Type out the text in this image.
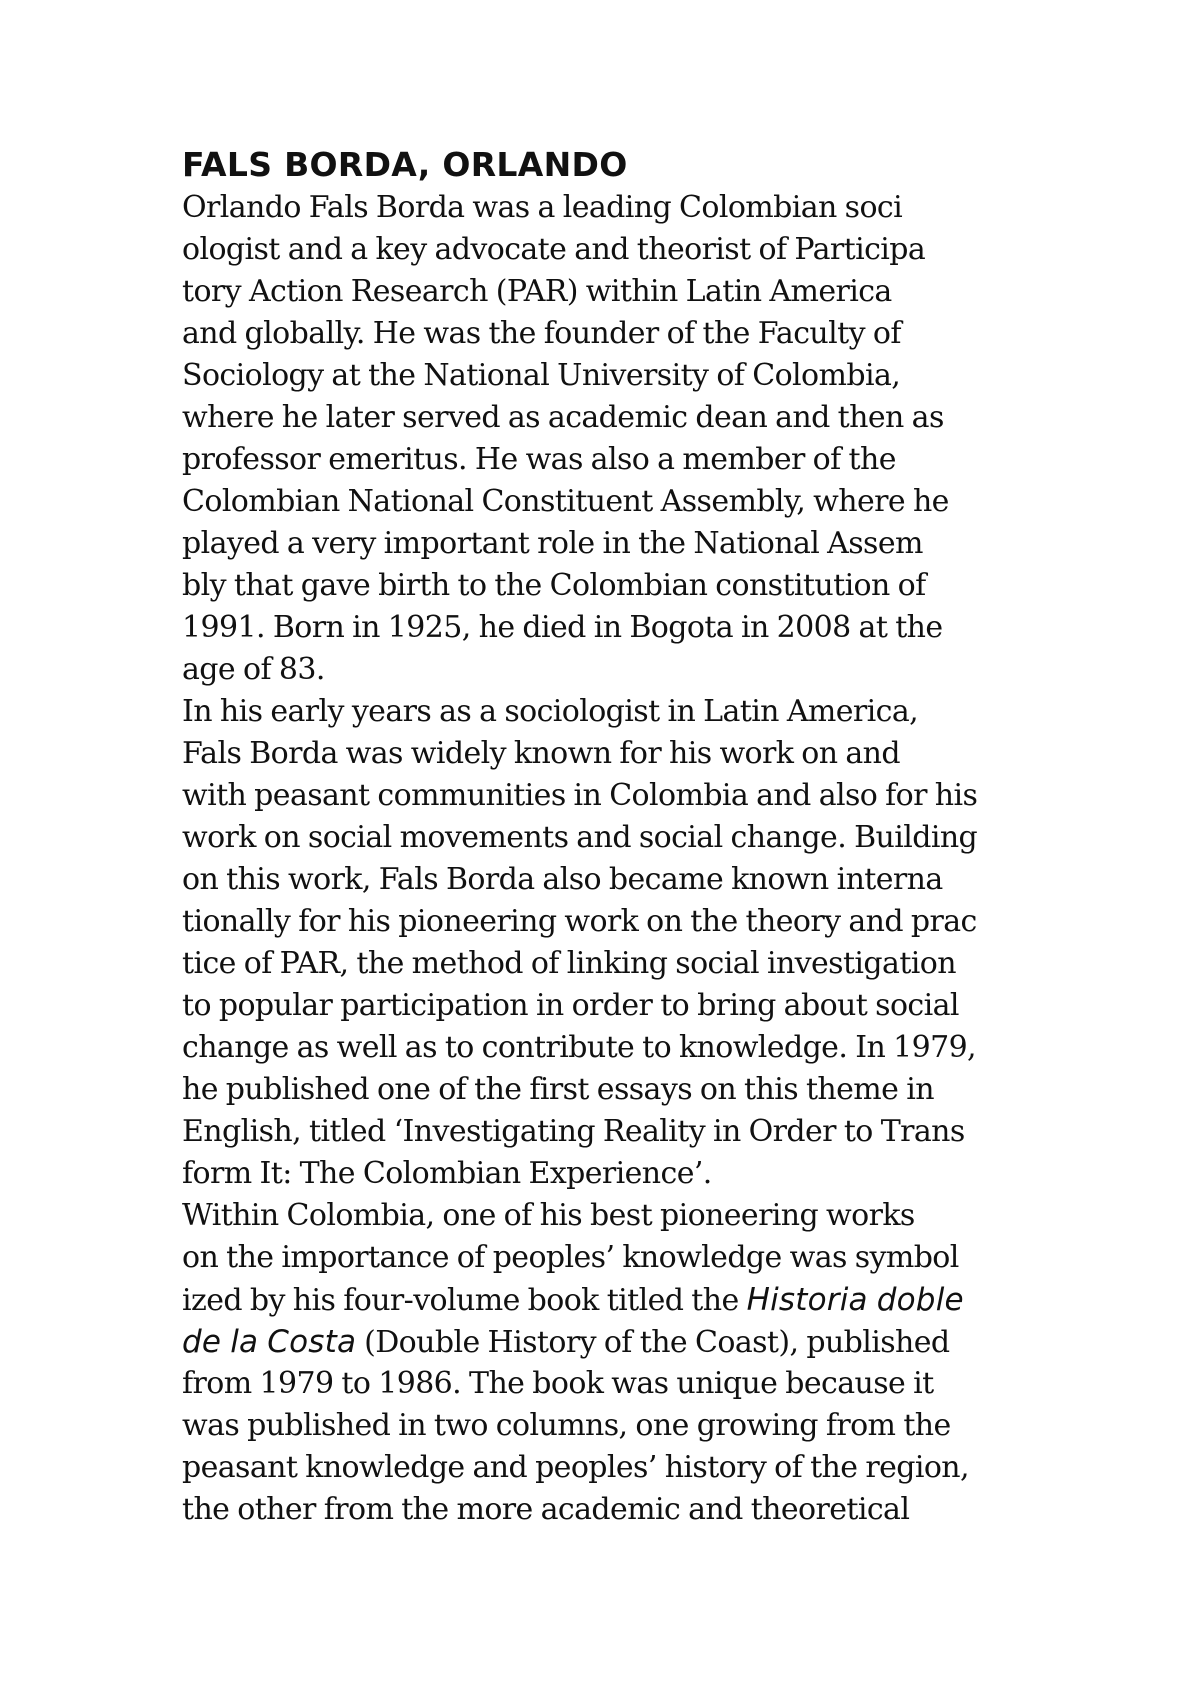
FALS BORDA, ORLANDO
Orlando Fals Borda was a leading Colombian soci
ologist and a key advocate and theorist of Participa
tory Action Research (PAR) within Latin America
and globally. He was the founder of the Faculty of
Sociology at the National University of Colombia,
where he later served as academic dean and then as
professor emeritus. He was also a member of the
Colombian National Constituent Assembly, where he
played a very important role in the National Assem
bly that gave birth to the Colombian constitution of
1991. Born in 1925, he died in Bogota in 2008 at the
age of 83.
In his early years as a sociologist in Latin America,
Fals Borda was widely known for his work on and
with peasant communities in Colombia and also for his
work on social movements and social change. Building
on this work, Fals Borda also became known interna
tionally for his pioneering work on the theory and prac
tice of PAR, the method of linking social investigation
to popular participation in order to bring about social
change as well as to contribute to knowledge. In 1979,
he published one of the first essays on this theme in
English, titled ‘Investigating Reality in Order to Trans
form It: The Colombian Experience’.
Within Colombia, one of his best pioneering works
on the importance of peoples’ knowledge was symbol
ized by his four-volume book titled the Historia doble
de la Costa (Double History of the Coast), published
from 1979 to 1986. The book was unique because it
was published in two columns, one growing from the
peasant knowledge and peoples’ history of the region,
the other from the more academic and theoretical
